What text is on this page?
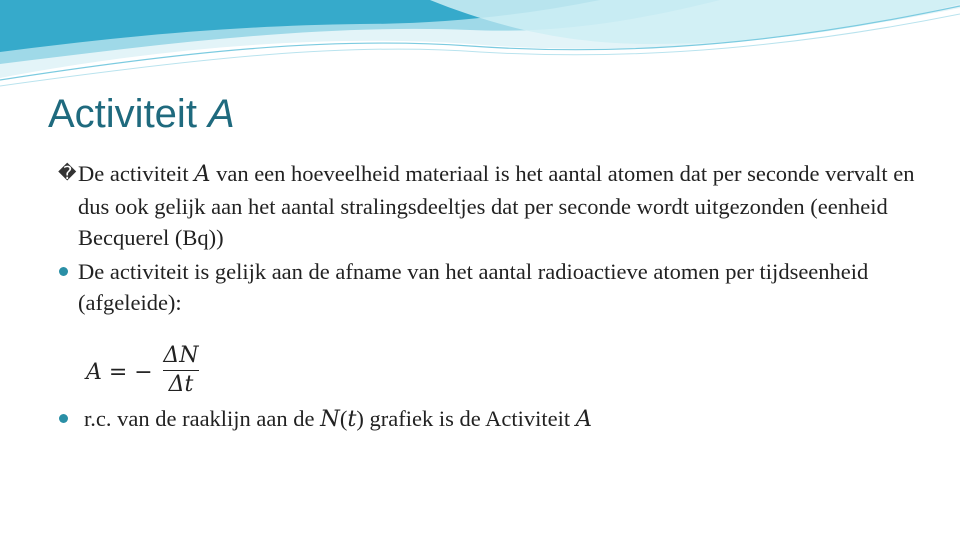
Activiteit A
� De activiteit A van een hoeveelheid materiaal is het aantal atomen dat per seconde vervalt en dus ook gelijk aan het aantal stralingsdeeltjes dat per seconde wordt uitgezonden (eenheid Becquerel (Bq))
De activiteit is gelijk aan de afname van het aantal radioactieve atomen per tijdseenheid (afgeleide):
A = −
ΔN
Δt
r.c. van de raaklijn aan de N(t) grafiek is de Activiteit A
